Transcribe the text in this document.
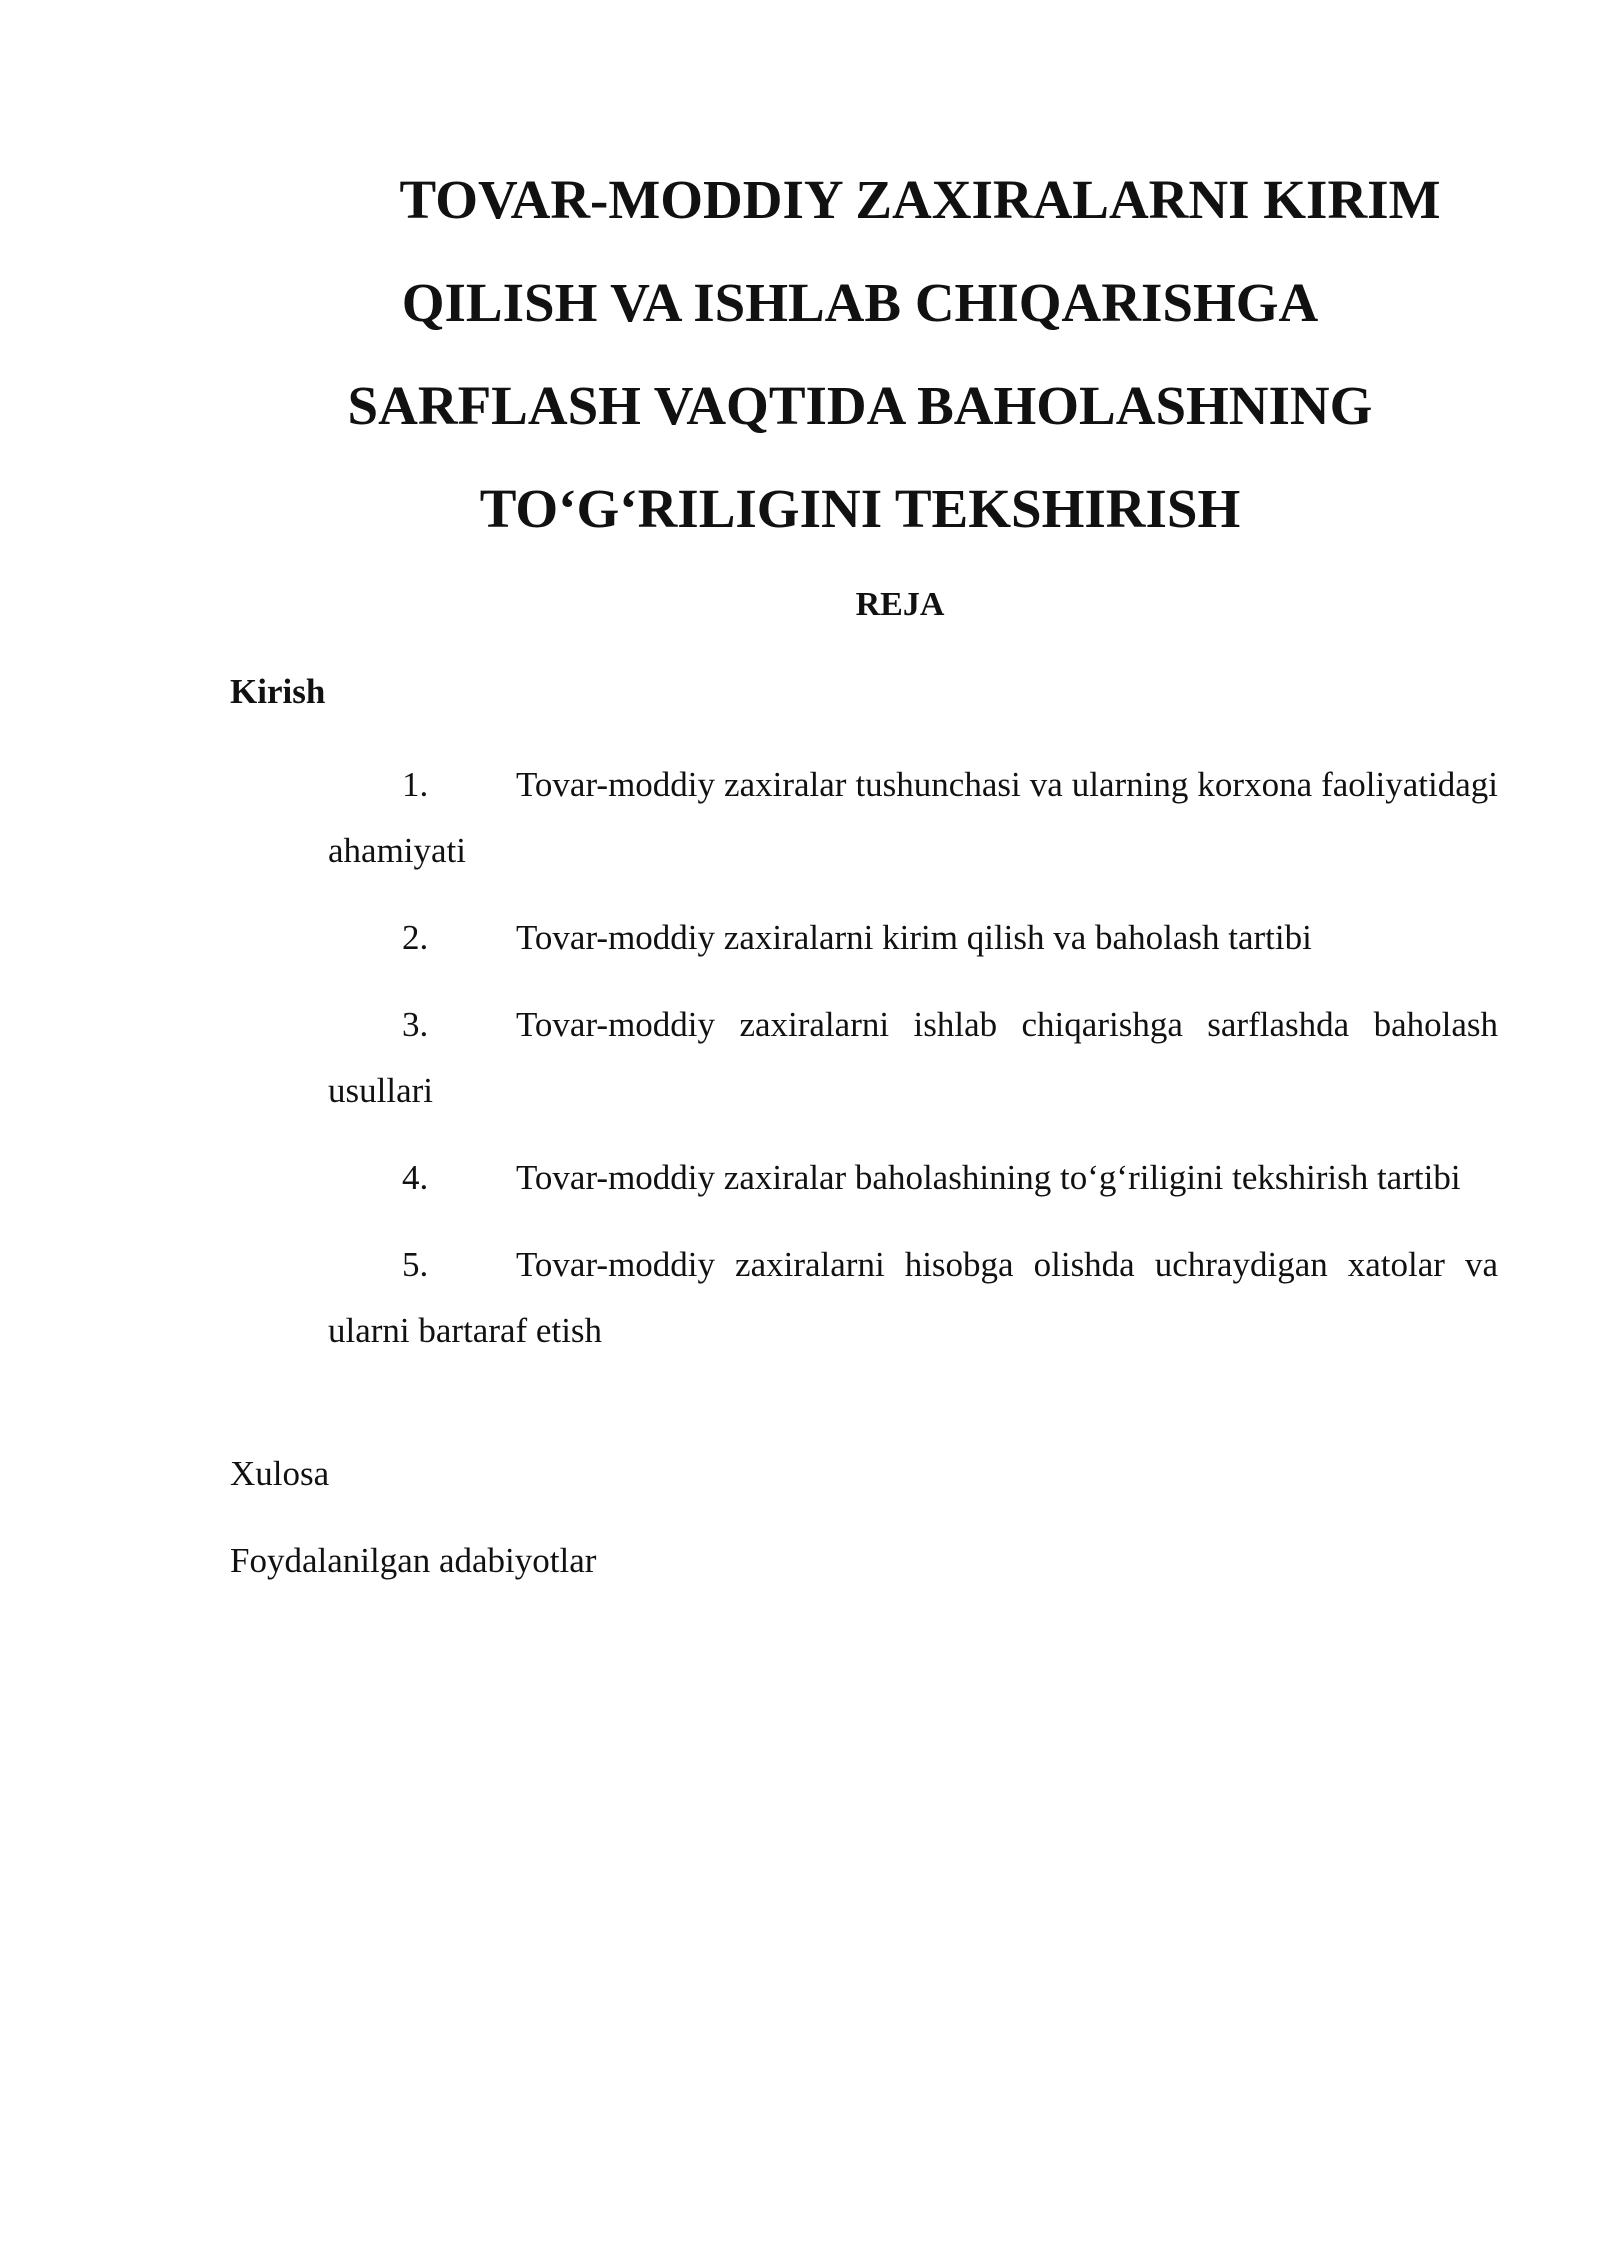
TOVAR-MODDIY ZAXIRALARNI KIRIM
QILISH VA ISHLAB CHIQARISHGA
SARFLASH VAQTIDA BAHOLASHNING
TO‘G‘RILIGINI TEKSHIRISH
REJA

Kirish

1.	Tovar-moddiy zaxiralar tushunchasi va ularning korxona faoliyatidagi ahamiyati
2.	Tovar-moddiy zaxiralarni kirim qilish va baholash tartibi
3.	Tovar-moddiy zaxiralarni ishlab chiqarishga sarflashda baholash usullari
4.	Tovar-moddiy zaxiralar baholashining to‘g‘riligini tekshirish tartibi
5.	Tovar-moddiy zaxiralarni hisobga olishda uchraydigan xatolar va ularni bartaraf etish

Xulosa

Foydalanilgan adabiyotlar
